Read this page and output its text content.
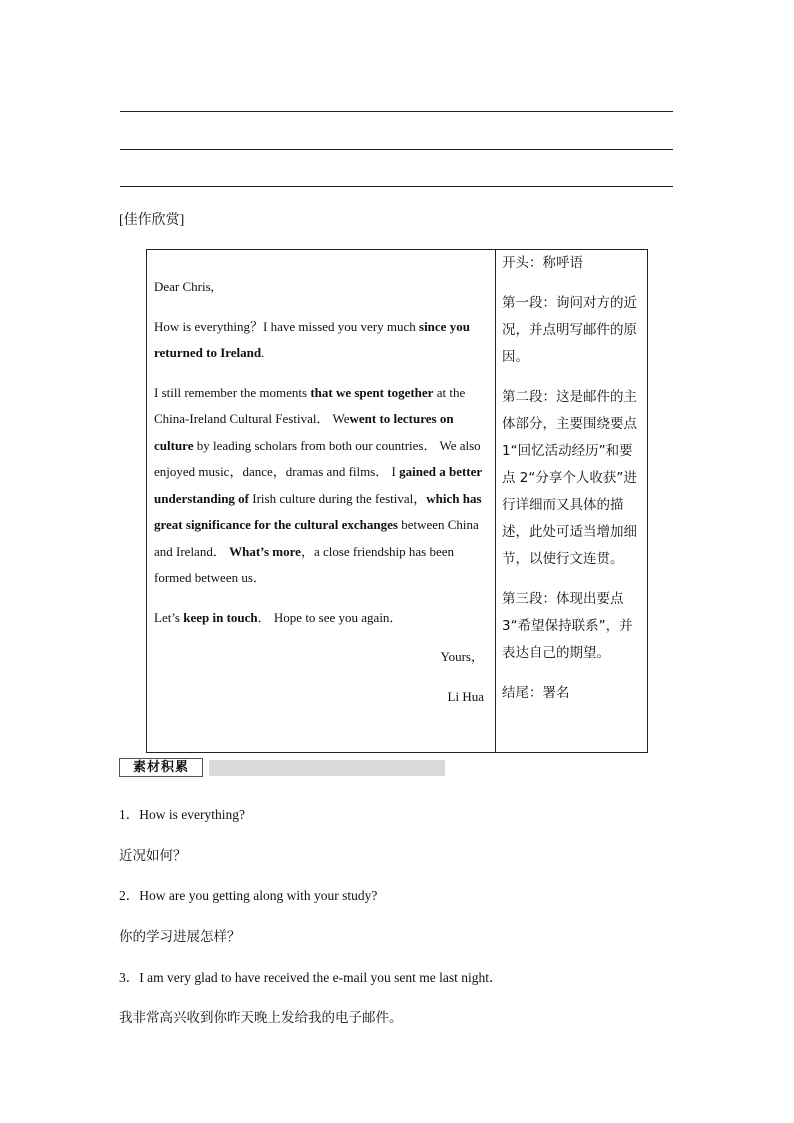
[佳作欣赏]

Dear Chris,

How is everything？I have missed you very much since you returned to Ireland.

I still remember the moments that we spent together at the China-Ireland Cultural Festival． Wewent to lectures on culture by leading scholars from both our countries． We also enjoyed music，dance，dramas and films． I gained a better understanding of Irish culture during the festival，which has great significance for the cultural exchanges between China and Ireland． What’s more，a close friendship has been formed between us．

Let’s keep in touch． Hope to see you again．

Yours，

Li Hua

开头：称呼语

第一段：询问对方的近况，并点明写邮件的原因。

第二段：这是邮件的主体部分，主要围绕要点 1“回忆活动经历”和要点 2“分享个人收获”进行详细而又具体的描述，此处可适当增加细节，以使行文连贯。

第三段：体现出要点 3“希望保持联系”，并表达自己的期望。

结尾：署名

素材积累
1．How is everything?
近况如何？
2．How are you getting along with your study?
你的学习进展怎样？
3．I am very glad to have received the e-mail you sent me last night．
我非常高兴收到你昨天晚上发给我的电子邮件。
